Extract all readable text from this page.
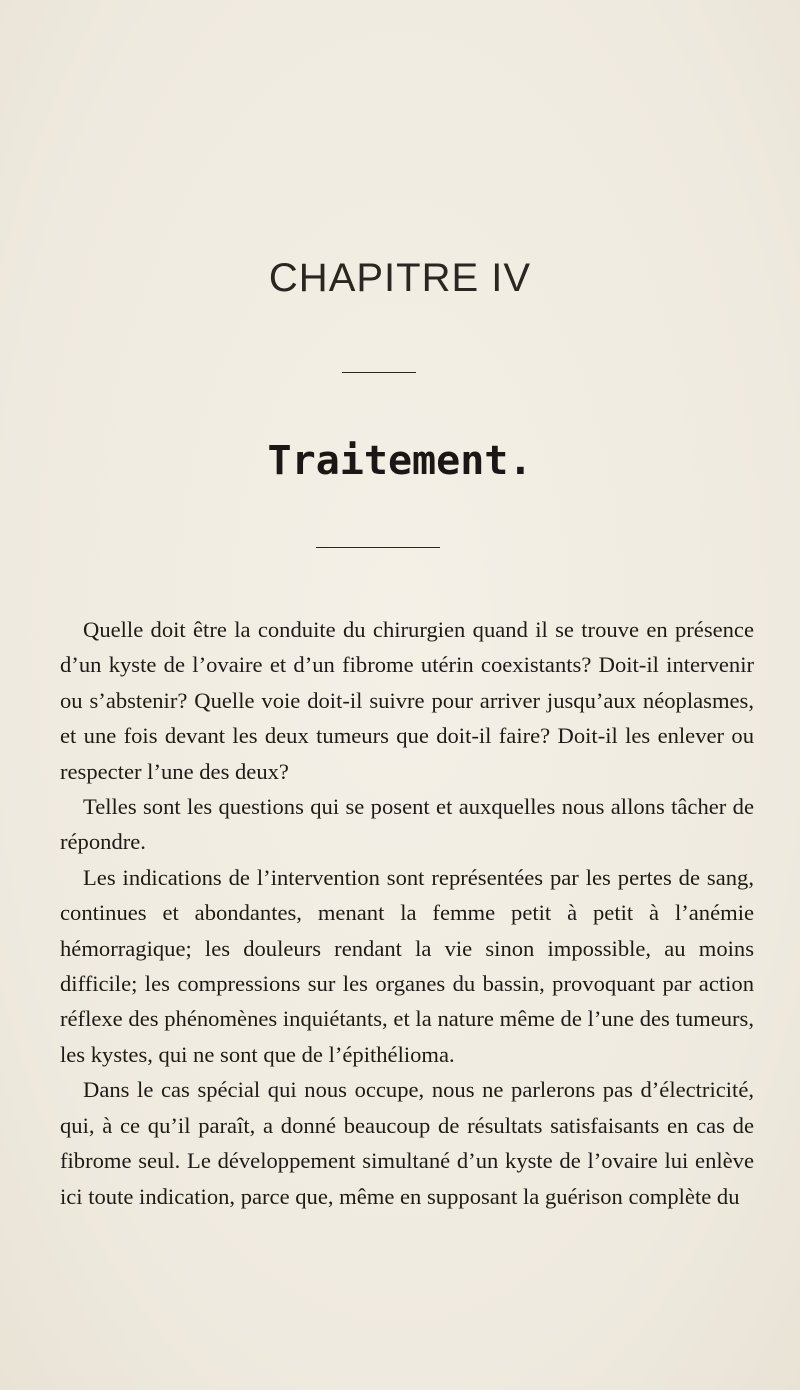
CHAPITRE IV
Traitement.

Quelle doit être la conduite du chirurgien quand il se trouve en présence d’un kyste de l’ovaire et d’un fibrome utérin coexistants? Doit-il intervenir ou s’abstenir? Quelle voie doit-il suivre pour arriver jusqu’aux néoplasmes, et une fois devant les deux tumeurs que doit-il faire? Doit-il les enlever ou respecter l’une des deux?

Telles sont les questions qui se posent et auxquelles nous allons tâcher de répondre.

Les indications de l’intervention sont représentées par les pertes de sang, continues et abondantes, menant la femme petit à petit à l’anémie hémorragique; les douleurs rendant la vie sinon impossible, au moins difficile; les compressions sur les organes du bassin, provoquant par action réflexe des phénomènes inquiétants, et la nature même de l’une des tumeurs, les kystes, qui ne sont que de l’épithélioma.

Dans le cas spécial qui nous occupe, nous ne parlerons pas d’électricité, qui, à ce qu’il paraît, a donné beaucoup de résultats satisfaisants en cas de fibrome seul. Le développement simultané d’un kyste de l’ovaire lui enlève ici toute indication, parce que, même en supposant la guérison complète du
